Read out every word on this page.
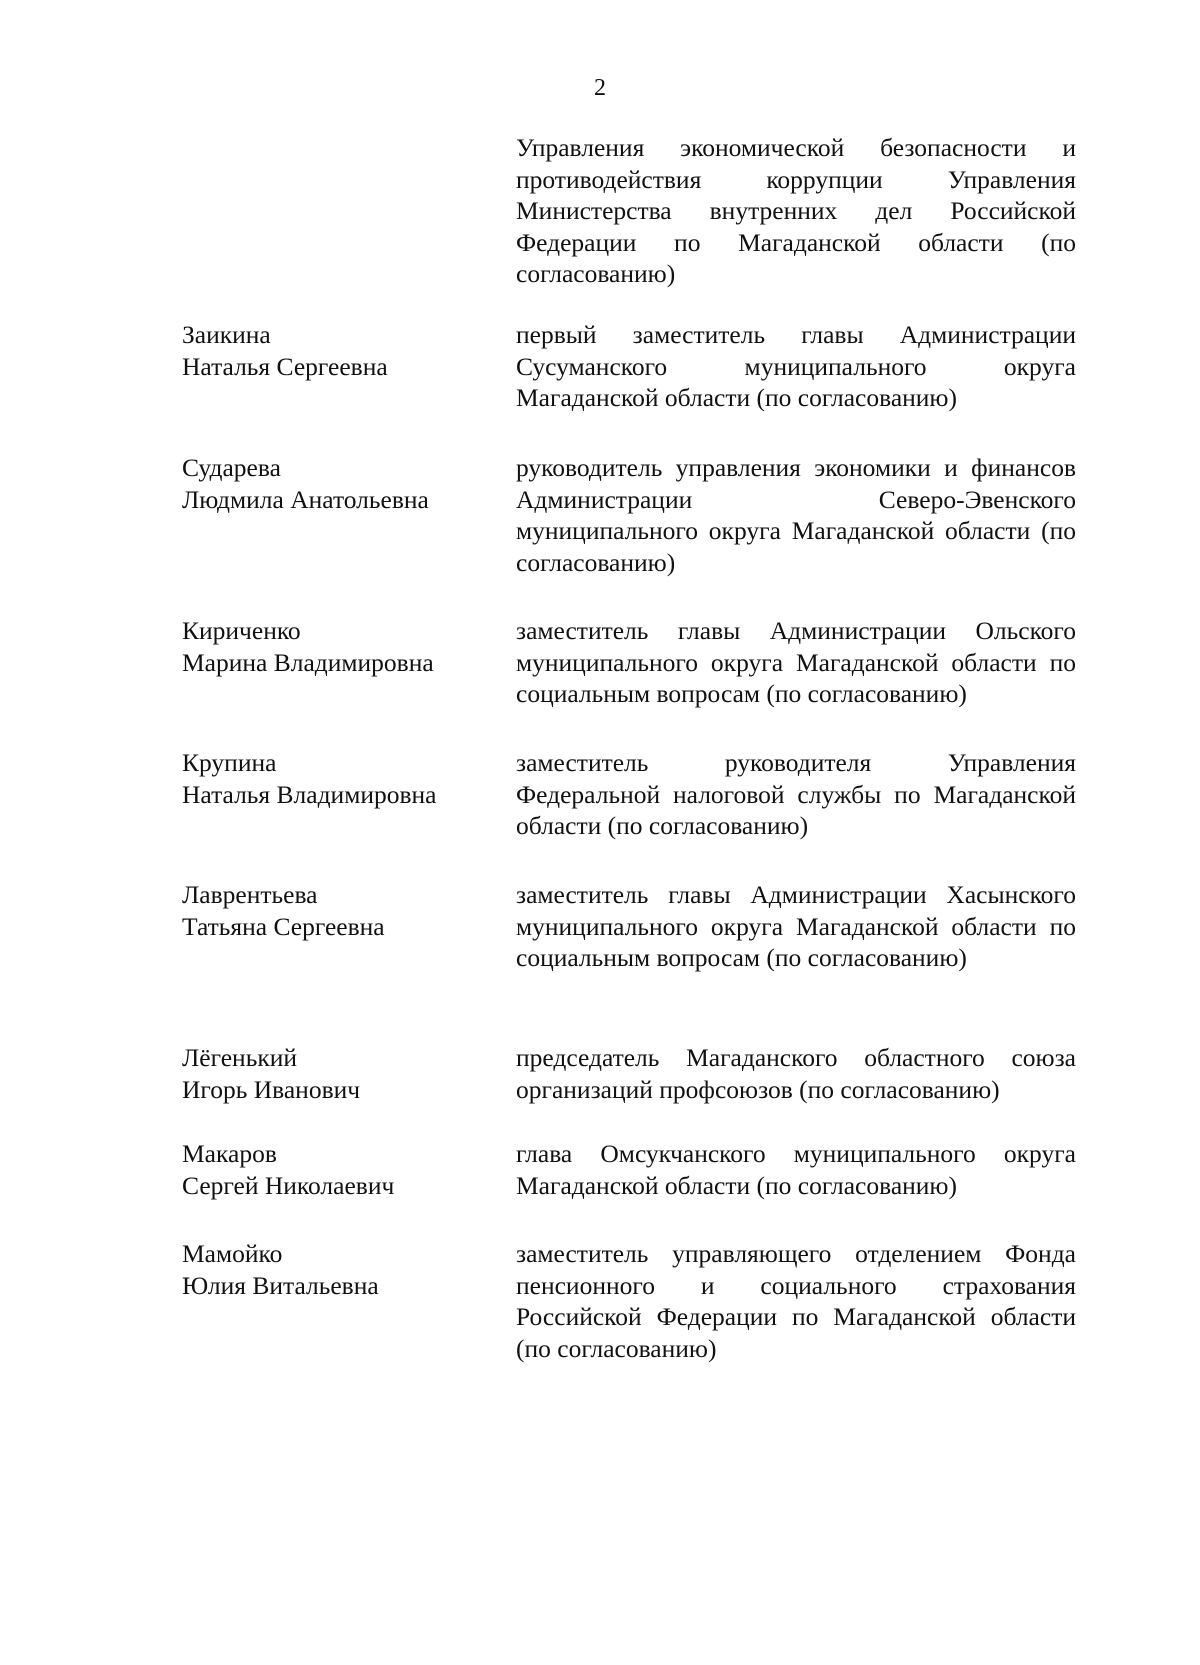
2
Управления экономической безопасности и противодействия коррупции Управления Министерства внутренних дел Российской Федерации по Магаданской области (по согласованию)
Заикина
Наталья Сергеевна
первый заместитель главы Администрации Сусуманского муниципального округа Магаданской области (по согласованию)
Сударева
Людмила Анатольевна
руководитель управления экономики и финансов Администрации Северо-Эвенского муниципального округа Магаданской области (по согласованию)
Кириченко
Марина Владимировна
заместитель главы Администрации Ольского муниципального округа Магаданской области по социальным вопросам (по согласованию)
Крупина
Наталья Владимировна
заместитель руководителя Управления Федеральной налоговой службы по Магаданской области (по согласованию)
Лаврентьева
Татьяна Сергеевна
заместитель главы Администрации Хасынского муниципального округа Магаданской области по социальным вопросам (по согласованию)
Лёгенький
Игорь Иванович
председатель Магаданского областного союза организаций профсоюзов (по согласованию)
Макаров
Сергей Николаевич
глава Омсукчанского муниципального округа Магаданской области (по согласованию)
Мамойко
Юлия Витальевна
заместитель управляющего отделением Фонда пенсионного и социального страхования Российской Федерации по Магаданской области (по согласованию)
